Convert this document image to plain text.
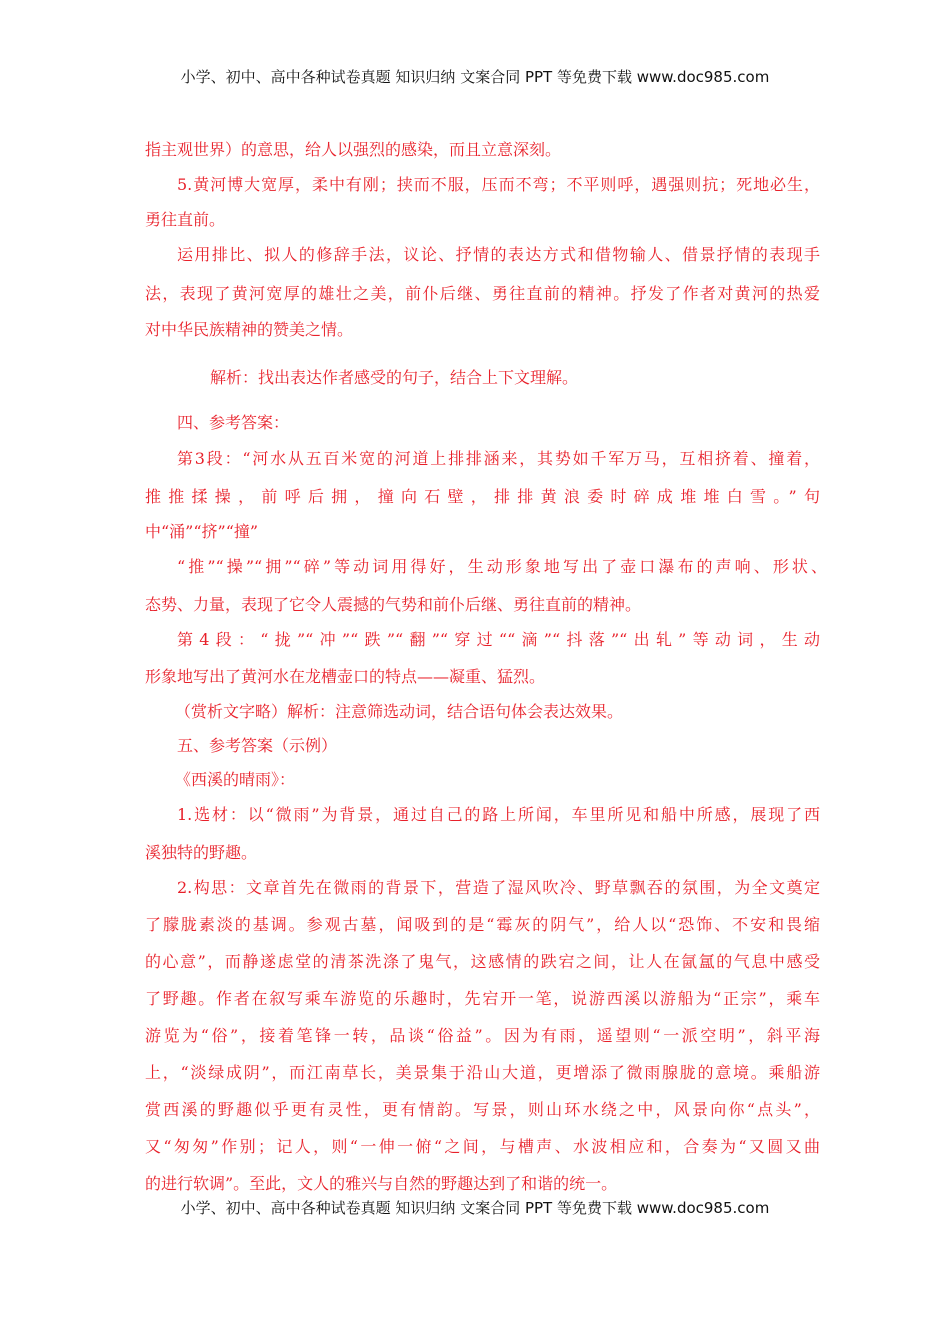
小学、初中、高中各种试卷真题 知识归纳 文案合同 PPT 等免费下载 www.doc985.com
指主观世界）的意思，给人以强烈的感染，而且立意深刻。
5.黄河博大宽厚，柔中有刚；挟而不服，压而不弯；不平则呼，遇强则抗；死地必生，
勇往直前。
运用排比、拟人的修辞手法，议论、抒情的表达方式和借物输人、借景抒情的表现手
法，表现了黄河宽厚的雄壮之美，前仆后继、勇往直前的精神。抒发了作者对黄河的热爱
对中华民族精神的赞美之情。
解析：找出表达作者感受的句子，结合上下文理解。
四、参考答案：
第3段：“河水从五百米宽的河道上排排涵来，其势如千军万马，互相挤着、撞着，
推推揉操，前呼后拥，撞向石壁，排排黄浪委时碎成堆堆白雪。”句
中“涌”“挤”“撞”
“推”“操”“拥”“碎”等动词用得好，生动形象地写出了壶口瀑布的声响、形状、
态势、力量，表现了它令人震撼的气势和前仆后继、勇往直前的精神。
第4段：“拢”“冲”“跌”“翻”“穿过““滴”“抖落”“出轧”等动词，生动
形象地写出了黄河水在龙槽壶口的特点——凝重、猛烈。
（赏析文字略）解析：注意筛选动词，结合语句体会表达效果。
五、参考答案（示例）
《西溪的晴雨》：
1.选材：以“微雨”为背景，通过自己的路上所闻，车里所见和船中所感，展现了西
溪独特的野趣。
2.构思：文章首先在微雨的背景下，营造了湿风吹冷、野草飘吞的氛围，为全文奠定
了朦胧素淡的基调。参观古墓，闻吸到的是“霉灰的阴气”，给人以“恐饰、不安和畏缩
的心意”，而静遂虑堂的清茶洗涤了鬼气，这感情的跌宕之间，让人在氤氲的气息中感受
了野趣。作者在叙写乘车游览的乐趣时，先宕开一笔，说游西溪以游船为“正宗”，乘车
游览为“俗”，接着笔锋一转，品谈“俗益”。因为有雨，遥望则“一派空明”，斜平海
上，“淡绿成阴”，而江南草长，美景集于沿山大道，更增添了微雨腺胧的意境。乘船游
赏西溪的野趣似乎更有灵性，更有情韵。写景，则山环水绕之中，风景向你“点头”，
又“匆匆”作别；记人，则“一伸一俯“之间，与槽声、水波相应和，合奏为“又圆又曲
的进行软调”。至此，文人的雅兴与自然的野趣达到了和谐的统一。
小学、初中、高中各种试卷真题 知识归纳 文案合同 PPT 等免费下载 www.doc985.com
